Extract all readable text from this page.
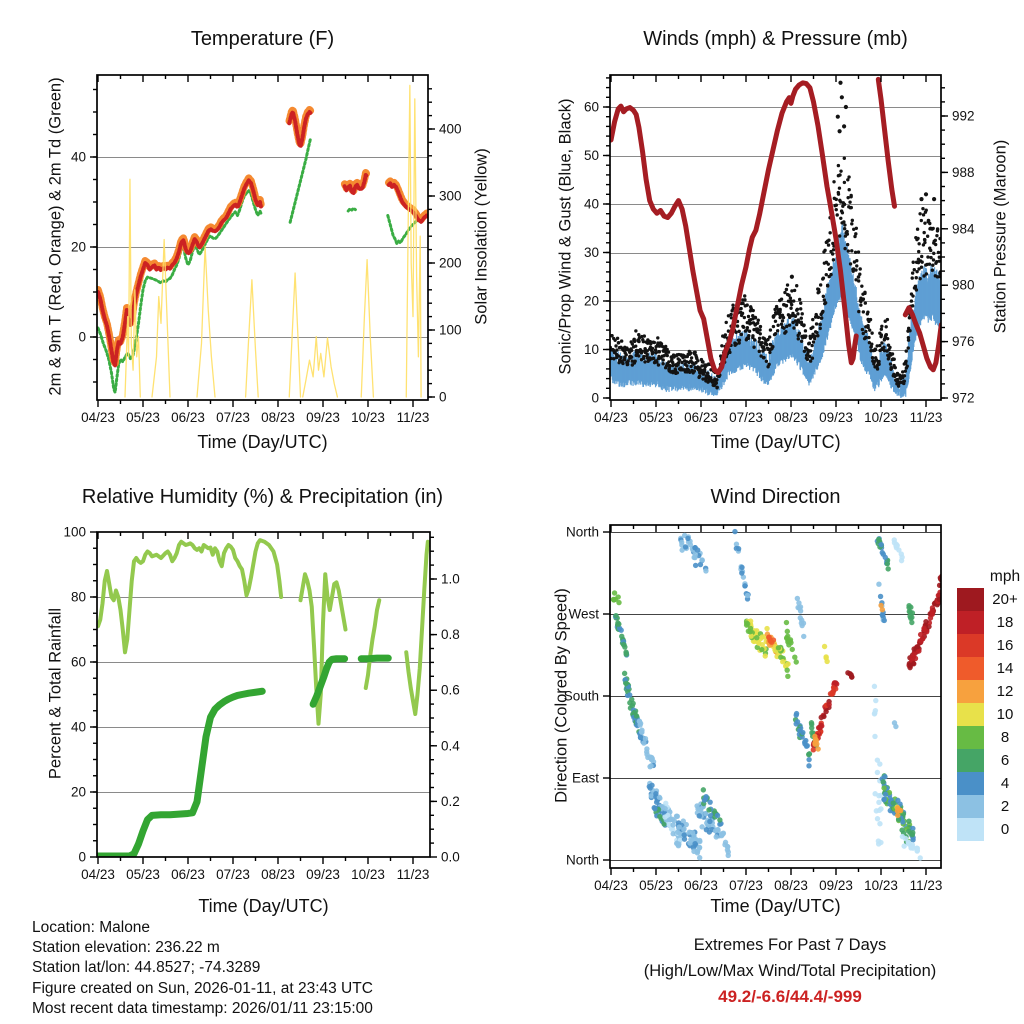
Temperature (F)	Winds (mph) & Pressure (mb)
Relative Humidity (%) & Precipitation (in)	Wind Direction
Time (Day/UTC)	Time (Day/UTC)
Time (Day/UTC)	Time (Day/UTC)
2m & 9m T (Red, Orange) & 2m Td (Green)	Solar Insolation (Yellow)	Sonic/Prop Wind & Gust (Blue, Black)	Station Pressure (Maroon)
Percent & Total Rainfall	Direction (Colored By Speed)
mph
20+
18
16
14
12
10
8
6
4
2
0
Location: Malone
Station elevation: 236.22 m
Station lat/lon: 44.8527; -74.3289
Figure created on Sun, 2026-01-11, at 23:43 UTC
Most recent data timestamp: 2026/01/11 23:15:00
Extremes For Past 7 Days
(High/Low/Max Wind/Total Precipitation)
49.2/-6.6/44.4/-999
